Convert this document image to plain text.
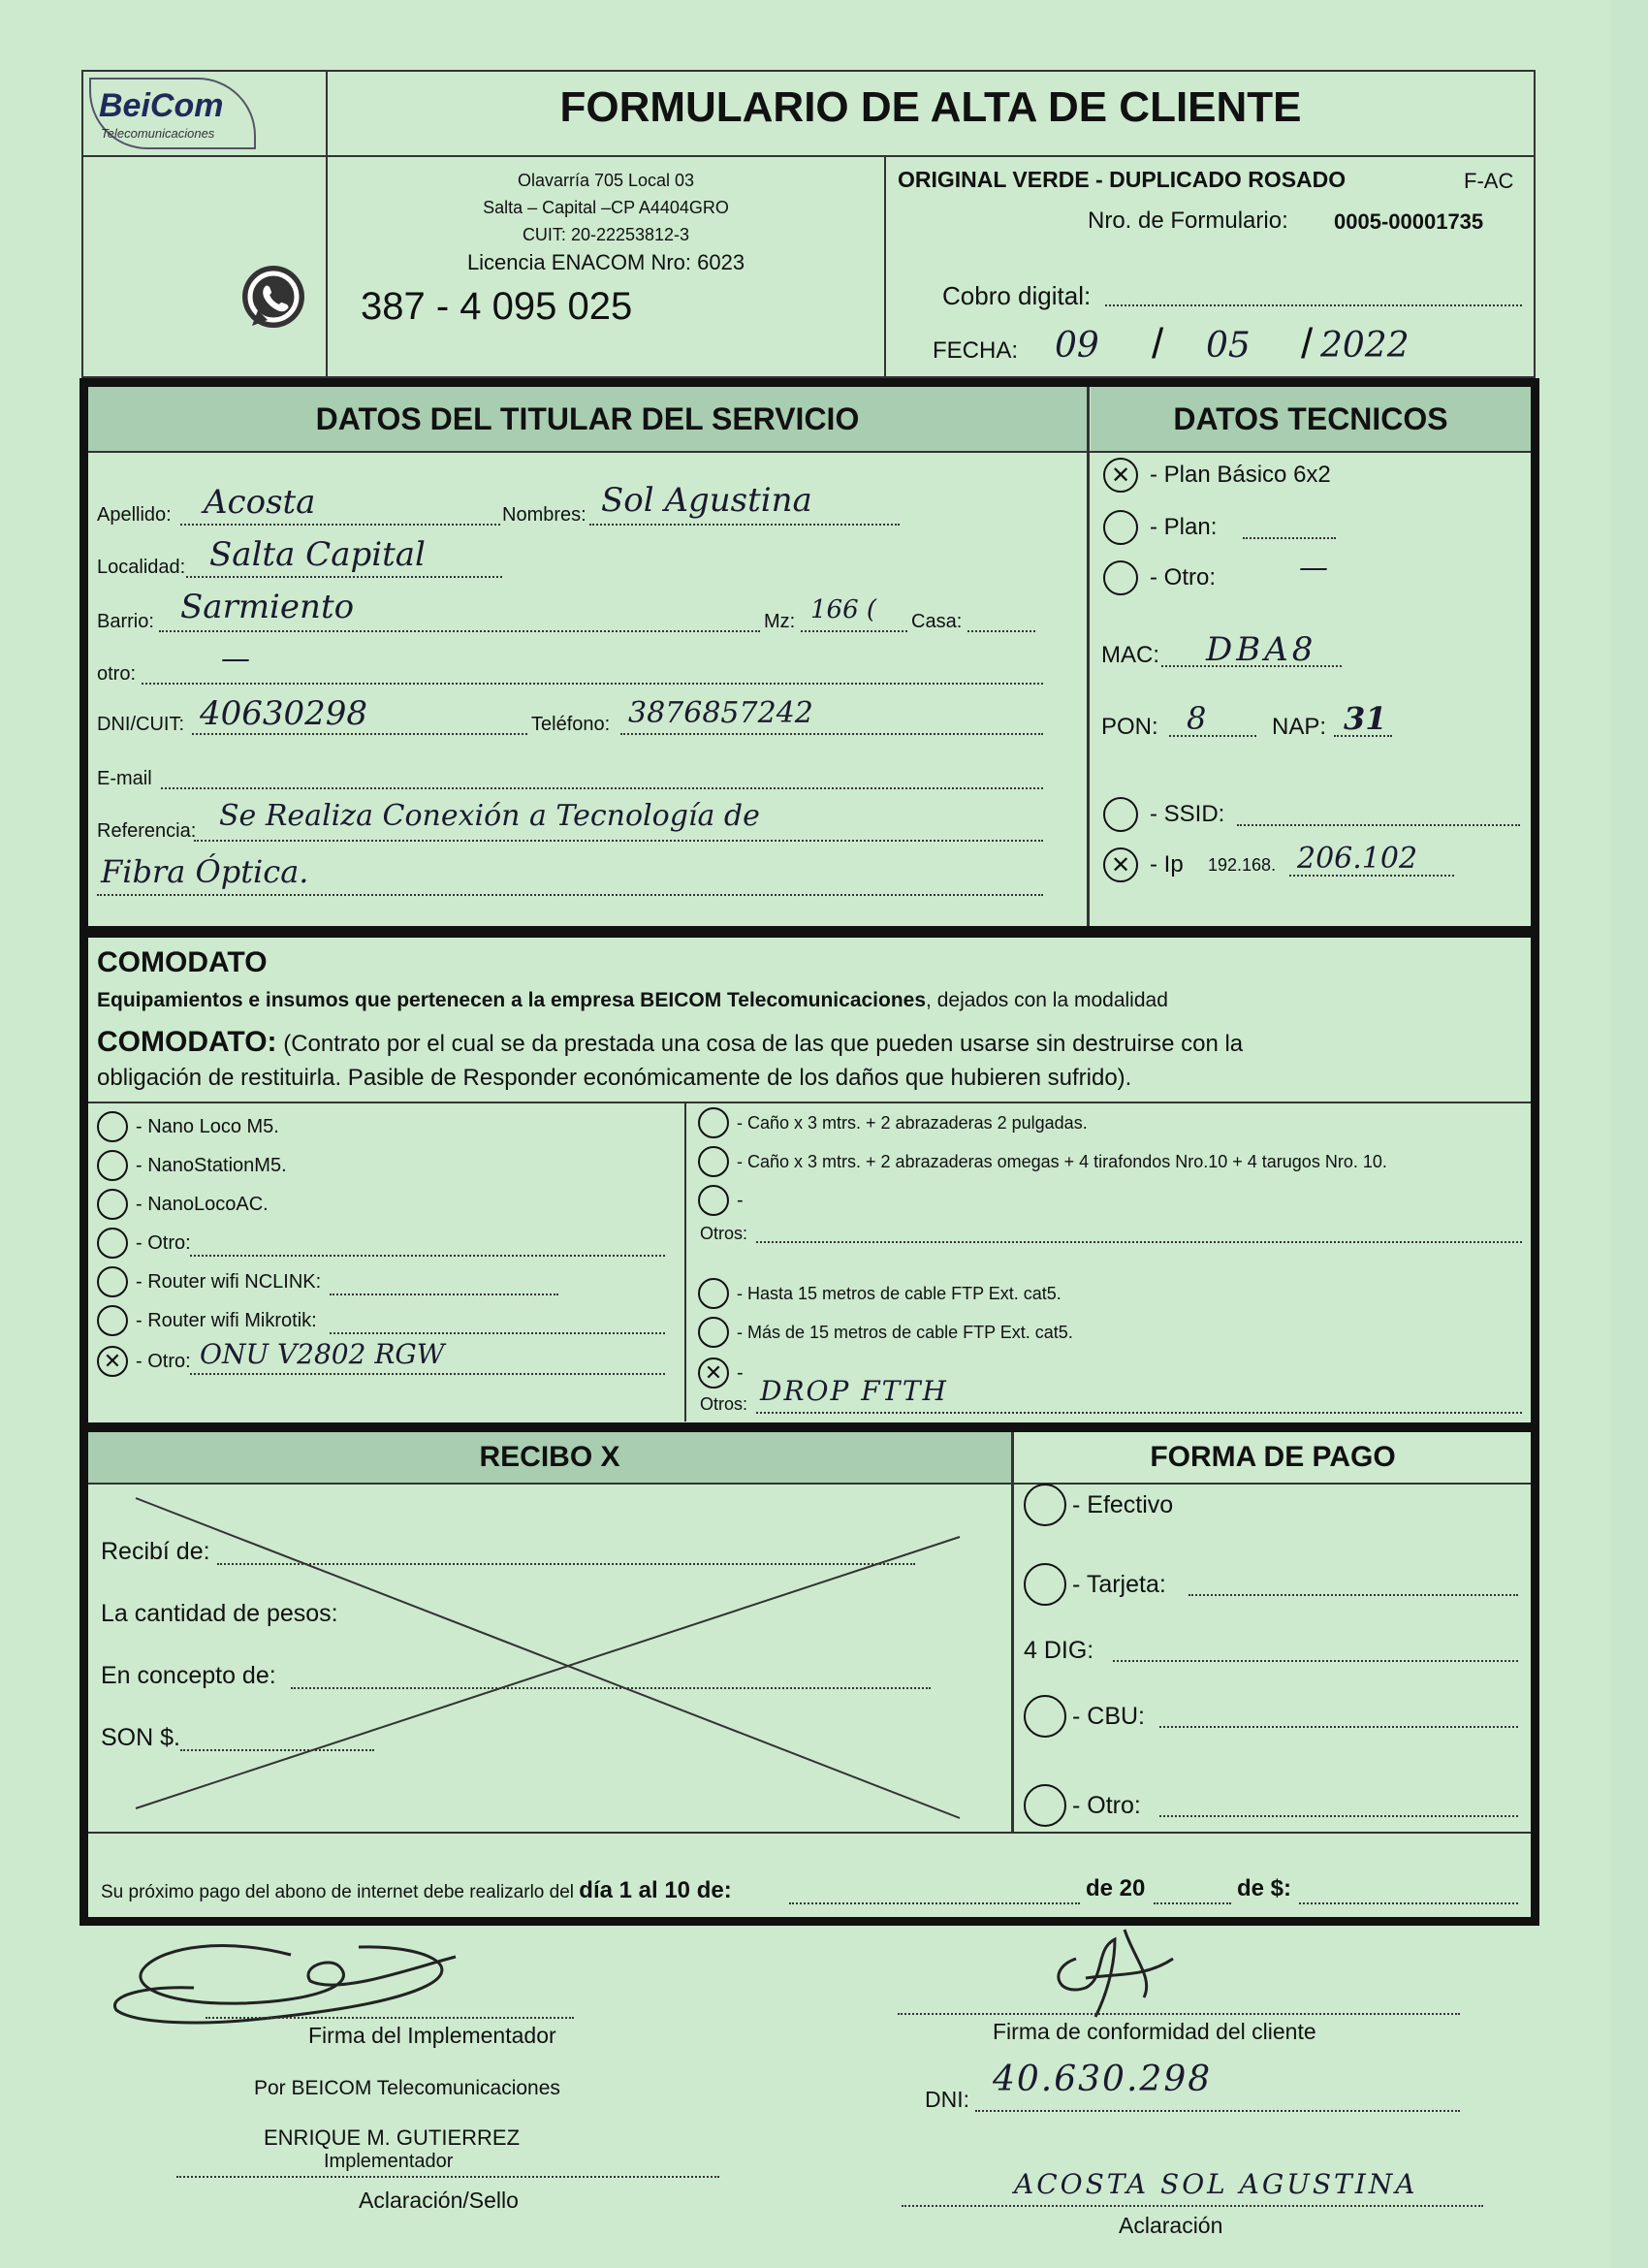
BeiCom
Telecomunicaciones
FORMULARIO DE ALTA DE CLIENTE
Olavarría 705 Local 03
Salta – Capital –CP A4404GRO
CUIT: 20-22253812-3
Licencia ENACOM Nro: 6023
387 - 4 095 025
ORIGINAL VERDE - DUPLICADO ROSADO	F-AC
Nro. de Formulario: 0005-00001735
Cobro digital:
FECHA: 09 / 05 / 2022
DATOS DEL TITULAR DEL SERVICIO	DATOS TECNICOS
Apellido: Acosta	Nombres: Sol Agustina
Localidad: Salta Capital
Barrio: Sarmiento	Mz: 166 ( Casa:
otro:	—
DNI/CUIT: 40630298	Teléfono: 3876857242
E-mail
Referencia: Se Realiza Conexión a Tecnología de
Fibra Óptica.
✕ - Plan Básico 6x2
- Plan:
- Otro:	—
MAC: DBA8
PON: 8	NAP: 31
- SSID:
✕ - Ip 192.168. 206.102
COMODATO
Equipamientos e insumos que pertenecen a la empresa BEICOM Telecomunicaciones, dejados con la modalidad
COMODATO: (Contrato por el cual se da prestada una cosa de las que pueden usarse sin destruirse con la
obligación de restituirla. Pasible de Responder económicamente de los daños que hubieren sufrido).
- Nano Loco M5.
- NanoStationM5.
- NanoLocoAC.
- Otro:
- Router wifi NCLINK:
- Router wifi Mikrotik:
✕ - Otro: ONU V2802 RGW
- Caño x 3 mtrs. + 2 abrazaderas 2 pulgadas.
- Caño x 3 mtrs. + 2 abrazaderas omegas + 4 tirafondos Nro.10 + 4 tarugos Nro. 10.
-
Otros:
- Hasta 15 metros de cable FTP Ext. cat5.
- Más de 15 metros de cable FTP Ext. cat5.
✕ -
Otros: DROP FTTH
RECIBO X	FORMA DE PAGO
Recibí de:
La cantidad de pesos:
En concepto de:
SON $.
- Efectivo
- Tarjeta:
4 DIG:
- CBU:
- Otro:
Su próximo pago del abono de internet debe realizarlo del día 1 al 10 de:	de 20	de $:
Firma del Implementador
Por BEICOM Telecomunicaciones
ENRIQUE M. GUTIERREZ
Implementador
Aclaración/Sello
Firma de conformidad del cliente
DNI: 40.630.298
ACOSTA SOL AGUSTINA
Aclaración
